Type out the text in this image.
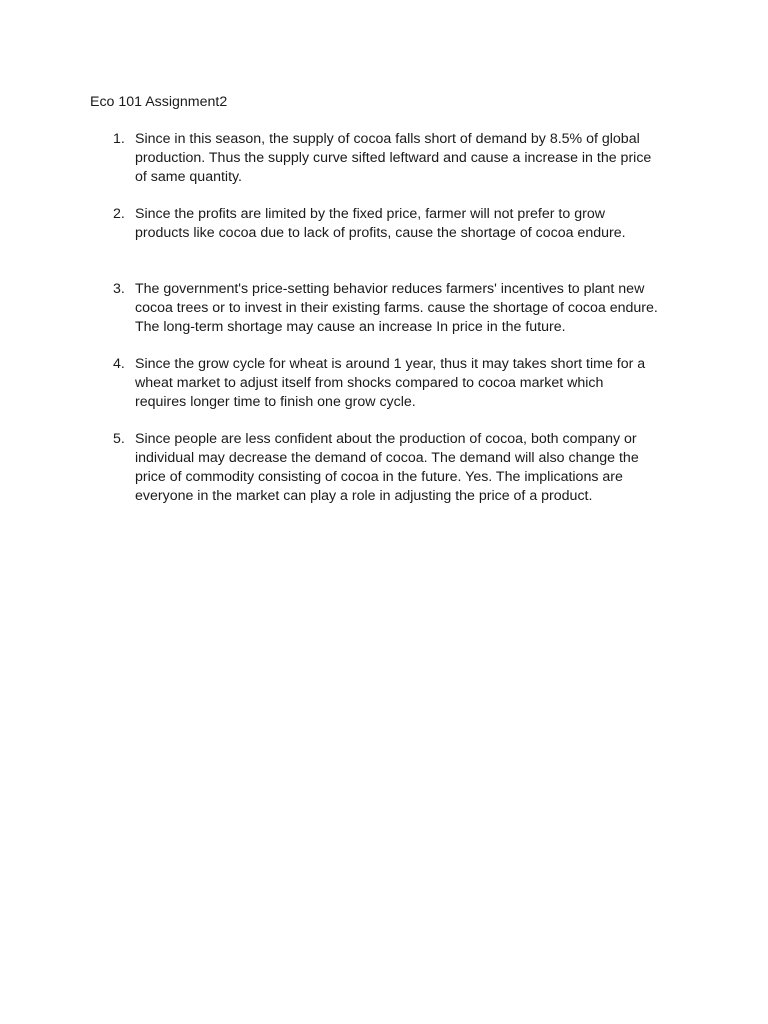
Eco 101 Assignment2
1. Since in this season, the supply of cocoa falls short of demand by 8.5% of global
production. Thus the supply curve sifted leftward and cause a increase in the price
of same quantity.
2. Since the profits are limited by the fixed price, farmer will not prefer to grow
products like cocoa due to lack of profits, cause the shortage of cocoa endure.
3. The government's price-setting behavior reduces farmers' incentives to plant new
cocoa trees or to invest in their existing farms. cause the shortage of cocoa endure.
The long-term shortage may cause an increase In price in the future.
4. Since the grow cycle for wheat is around 1 year, thus it may takes short time for a
wheat market to adjust itself from shocks compared to cocoa market which
requires longer time to finish one grow cycle.
5. Since people are less confident about the production of cocoa, both company or
individual may decrease the demand of cocoa. The demand will also change the
price of commodity consisting of cocoa in the future. Yes. The implications are
everyone in the market can play a role in adjusting the price of a product.
